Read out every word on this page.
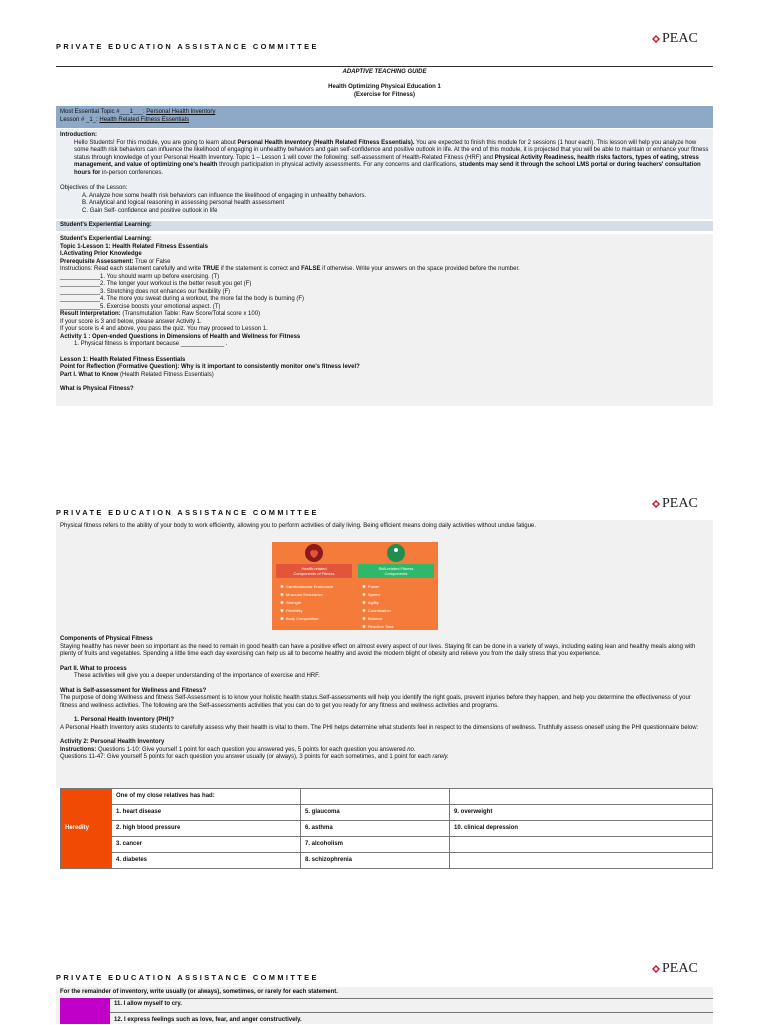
PRIVATE EDUCATION ASSISTANCE COMMITTEE
PEAC
ADAPTIVE TEACHING GUIDE
Health Optimizing Physical Education 1
(Exercise for Fitness)

Most Essential Topic #___1___: Personal Health Inventory

Lesson # _1_: Health Related Fitness Essentials

Introduction:

Hello Students! For this module, you are going to learn about Personal Health Inventory (Health Related Fitness Essentials). You are expected to finish this module for 2 sessions (1 hour each). This lesson will help you analyze how some health risk behaviors can influence the likelihood of engaging in unhealthy behaviors and gain self-confidence and positive outlook in life. At the end of this module, it is projected that you will be able to maintain or enhance your fitness status through knowledge of your Personal Health Inventory. Topic 1 – Lesson 1 will cover the following: self-assessment of Health-Related Fitness (HRF) and Physical Activity Readiness, health risks factors, types of eating, stress management, and value of optimizing one's health through participation in physical activity assessments. For any concerns and clarifications, students may send it through the school LMS portal or during teachers' consultation hours for in-person conferences.

Objectives of the Lesson:

A. Analyze how some health risk behaviors can influence the likelihood of engaging in unhealthy behaviors.

B. Analytical and logical reasoning in assessing personal health assessment

C. Gain Self- confidence and positive outlook in life

Student's Experiential Learning:

Student's Experiential Learning:

Topic 1-Lesson 1: Health Related Fitness Essentials

I.Activating Prior Knowledge

Prerequisite Assessment: True or False

Instructions: Read each statement carefully and write TRUE if the statement is correct and FALSE if otherwise. Write your answers on the space provided before the number.

____________1. You should warm up before exercising. (T)

____________2. The longer your workout is the better result you get (F)

____________3. Stretching does not enhances our flexibility (F)

____________4. The more you sweat during a workout, the more fat the body is burning (F)

____________5. Exercise boosts your emotional aspect. (T)

Result Interpretation: (Transmutation Table: Raw Score/Total score x 100)

If your score is 3 and below, please answer Activity 1.

If your score is 4 and above, you pass the quiz. You may proceed to Lesson 1.

Activity 1 : Open-ended Questions in Dimensions of Health and Wellness for Fitness

1. Physical fitness is important because _____________ .

Lesson 1: Health Related Fitness Essentials

Point for Reflection (Formative Question): Why is it important to consistently monitor one's fitness level?

Part I. What to Know (Health Related Fitness Essentials)

What is Physical Fitness?

PRIVATE EDUCATION ASSISTANCE COMMITTEE
PEAC

Physical fitness refers to the ability of your body to work efficiently, allowing you to perform activities of daily living. Being efficient means doing daily activities without undue fatigue.

Health-related
Components of Fitness
Skill-related Fitness
Components
Cardiovascular Endurance
Muscular Endurance
Strength
Flexibility
Body Composition
Power
Speed
Agility
Coordination
Balance
Reaction Time

Components of Physical Fitness

Staying healthy has never been so important as the need to remain in good health can have a positive effect on almost every aspect of our lives. Staying fit can be done in a variety of ways, including eating lean and healthy meals along with plenty of fruits and vegetables. Spending a little time each day exercising can help us all to become healthy and avoid the modern blight of obesity and relieve you from the daily stress that you experience.

Part II. What to process

These activities will give you a deeper understanding of the importance of exercise and HRF.

What is Self-assessment for Wellness and Fitness?

The purpose of doing Wellness and fitness Self-Assessment is to know your holistic health status.Self-assessments will help you identify the right goals, prevent injuries before they happen, and help you determine the effectiveness of your fitness and wellness activities. The following are the Self-assessments activities that you can do to get you ready for any fitness and wellness activities and programs.

1. Personal Health Inventory (PHI)?

A Personal Health Inventory asks students to carefully assess why their health is vital to them. The PHI helps determine what students feel in respect to the dimensions of wellness. Truthfully assess oneself using the PHI questionnaire below:

Activity 2: Personal Health Inventory

Instructions: Questions 1-10: Give yourself 1 point for each question you answered yes, 5 points for each question you answered no.

Questions 11-47: Give yourself 5 points for each question you answer usually (or always), 3 points for each sometimes, and 1 point for each rarely.

Heredity	One of my close relatives has had:		
	1. heart disease	5. glaucoma	9. overweight
	2. high blood pressure	6. asthma	10. clinical depression
	3. cancer	7. alcoholism	
	4. diabetes	8. schizophrenia	
PRIVATE EDUCATION ASSISTANCE COMMITTEE
PEAC

For the remainder of inventory, write usually (or always), sometimes, or rarely for each statement.

11. I allow myself to cry.
12. I express feelings such as love, fear, and anger constructively.
